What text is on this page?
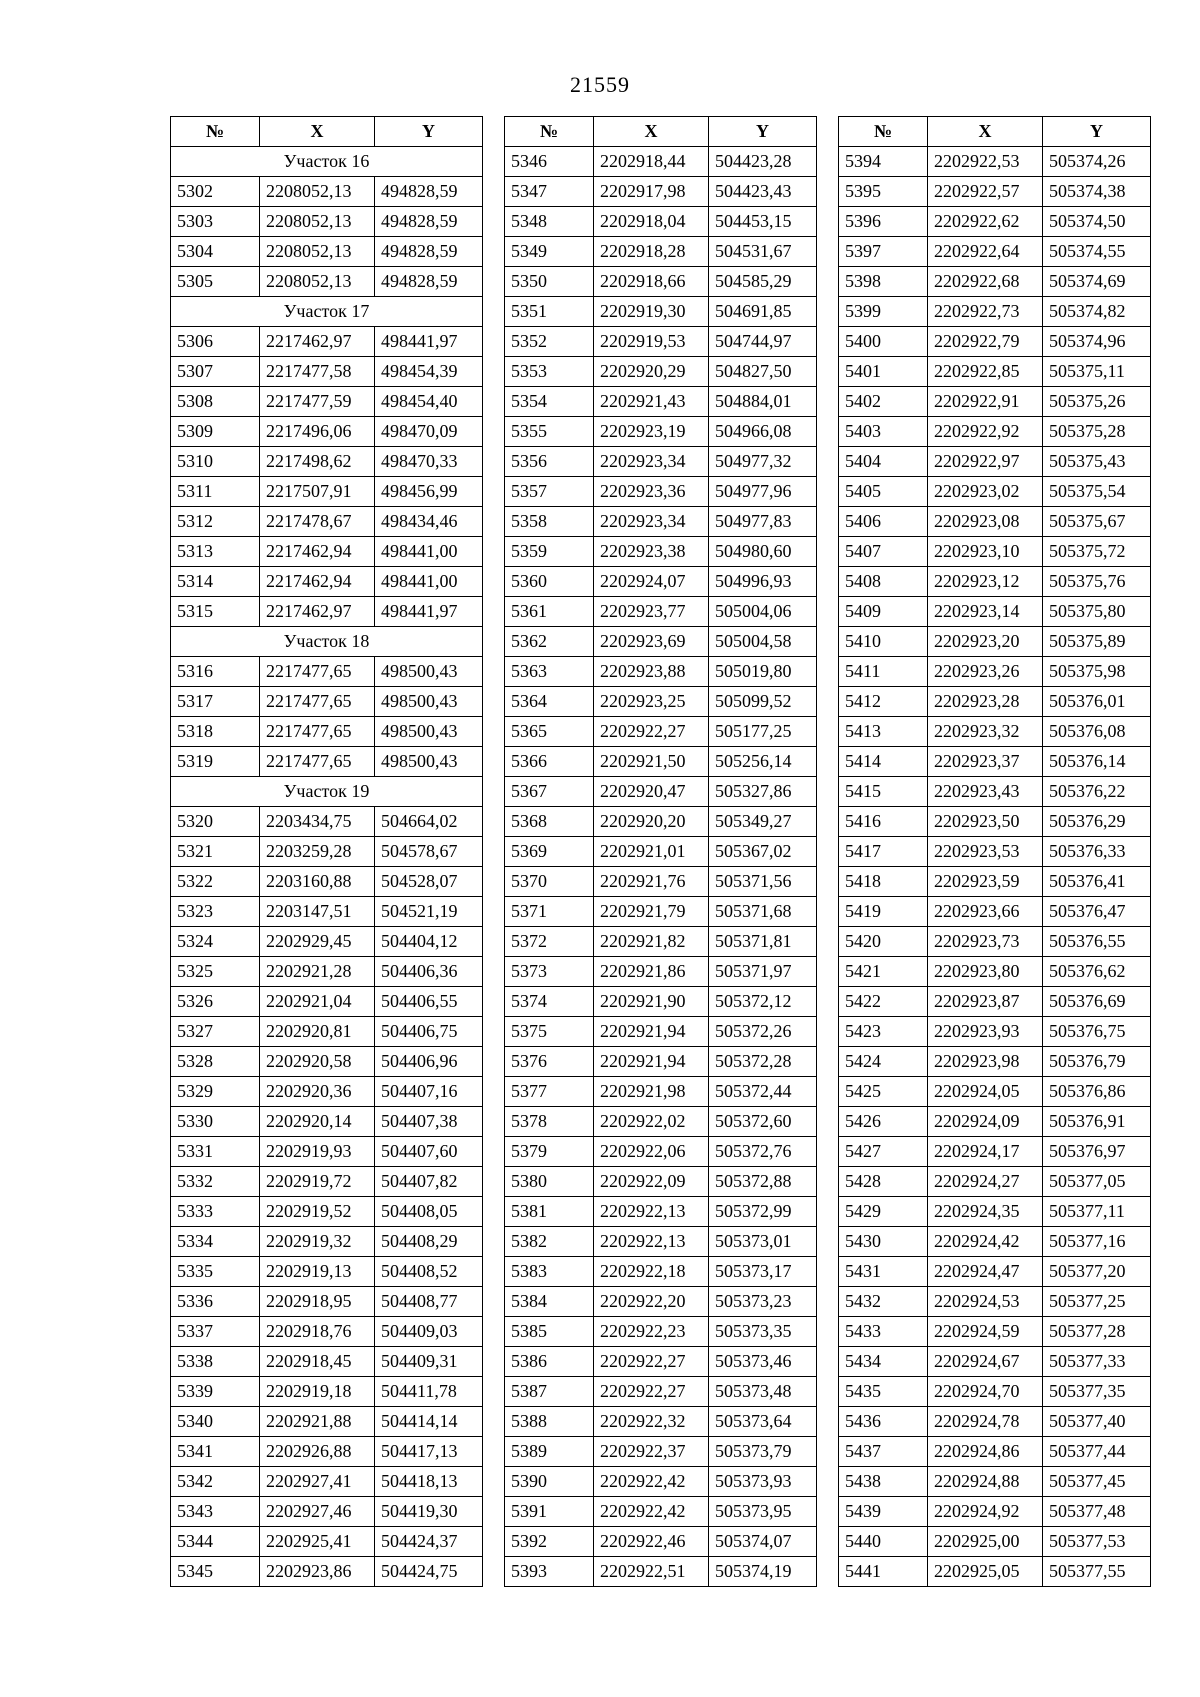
21559
№	X	Y
Участок 16		
5302	2208052,13	494828,59
5303	2208052,13	494828,59
5304	2208052,13	494828,59
5305	2208052,13	494828,59
Участок 17		
5306	2217462,97	498441,97
5307	2217477,58	498454,39
5308	2217477,59	498454,40
5309	2217496,06	498470,09
5310	2217498,62	498470,33
5311	2217507,91	498456,99
5312	2217478,67	498434,46
5313	2217462,94	498441,00
5314	2217462,94	498441,00
5315	2217462,97	498441,97
Участок 18		
5316	2217477,65	498500,43
5317	2217477,65	498500,43
5318	2217477,65	498500,43
5319	2217477,65	498500,43
Участок 19		
5320	2203434,75	504664,02
5321	2203259,28	504578,67
5322	2203160,88	504528,07
5323	2203147,51	504521,19
5324	2202929,45	504404,12
5325	2202921,28	504406,36
5326	2202921,04	504406,55
5327	2202920,81	504406,75
5328	2202920,58	504406,96
5329	2202920,36	504407,16
5330	2202920,14	504407,38
5331	2202919,93	504407,60
5332	2202919,72	504407,82
5333	2202919,52	504408,05
5334	2202919,32	504408,29
5335	2202919,13	504408,52
5336	2202918,95	504408,77
5337	2202918,76	504409,03
5338	2202918,45	504409,31
5339	2202919,18	504411,78
5340	2202921,88	504414,14
5341	2202926,88	504417,13
5342	2202927,41	504418,13
5343	2202927,46	504419,30
5344	2202925,41	504424,37
5345	2202923,86	504424,75
№	X	Y
5346	2202918,44	504423,28
5347	2202917,98	504423,43
5348	2202918,04	504453,15
5349	2202918,28	504531,67
5350	2202918,66	504585,29
5351	2202919,30	504691,85
5352	2202919,53	504744,97
5353	2202920,29	504827,50
5354	2202921,43	504884,01
5355	2202923,19	504966,08
5356	2202923,34	504977,32
5357	2202923,36	504977,96
5358	2202923,34	504977,83
5359	2202923,38	504980,60
5360	2202924,07	504996,93
5361	2202923,77	505004,06
5362	2202923,69	505004,58
5363	2202923,88	505019,80
5364	2202923,25	505099,52
5365	2202922,27	505177,25
5366	2202921,50	505256,14
5367	2202920,47	505327,86
5368	2202920,20	505349,27
5369	2202921,01	505367,02
5370	2202921,76	505371,56
5371	2202921,79	505371,68
5372	2202921,82	505371,81
5373	2202921,86	505371,97
5374	2202921,90	505372,12
5375	2202921,94	505372,26
5376	2202921,94	505372,28
5377	2202921,98	505372,44
5378	2202922,02	505372,60
5379	2202922,06	505372,76
5380	2202922,09	505372,88
5381	2202922,13	505372,99
5382	2202922,13	505373,01
5383	2202922,18	505373,17
5384	2202922,20	505373,23
5385	2202922,23	505373,35
5386	2202922,27	505373,46
5387	2202922,27	505373,48
5388	2202922,32	505373,64
5389	2202922,37	505373,79
5390	2202922,42	505373,93
5391	2202922,42	505373,95
5392	2202922,46	505374,07
5393	2202922,51	505374,19
№	X	Y
5394	2202922,53	505374,26
5395	2202922,57	505374,38
5396	2202922,62	505374,50
5397	2202922,64	505374,55
5398	2202922,68	505374,69
5399	2202922,73	505374,82
5400	2202922,79	505374,96
5401	2202922,85	505375,11
5402	2202922,91	505375,26
5403	2202922,92	505375,28
5404	2202922,97	505375,43
5405	2202923,02	505375,54
5406	2202923,08	505375,67
5407	2202923,10	505375,72
5408	2202923,12	505375,76
5409	2202923,14	505375,80
5410	2202923,20	505375,89
5411	2202923,26	505375,98
5412	2202923,28	505376,01
5413	2202923,32	505376,08
5414	2202923,37	505376,14
5415	2202923,43	505376,22
5416	2202923,50	505376,29
5417	2202923,53	505376,33
5418	2202923,59	505376,41
5419	2202923,66	505376,47
5420	2202923,73	505376,55
5421	2202923,80	505376,62
5422	2202923,87	505376,69
5423	2202923,93	505376,75
5424	2202923,98	505376,79
5425	2202924,05	505376,86
5426	2202924,09	505376,91
5427	2202924,17	505376,97
5428	2202924,27	505377,05
5429	2202924,35	505377,11
5430	2202924,42	505377,16
5431	2202924,47	505377,20
5432	2202924,53	505377,25
5433	2202924,59	505377,28
5434	2202924,67	505377,33
5435	2202924,70	505377,35
5436	2202924,78	505377,40
5437	2202924,86	505377,44
5438	2202924,88	505377,45
5439	2202924,92	505377,48
5440	2202925,00	505377,53
5441	2202925,05	505377,55
